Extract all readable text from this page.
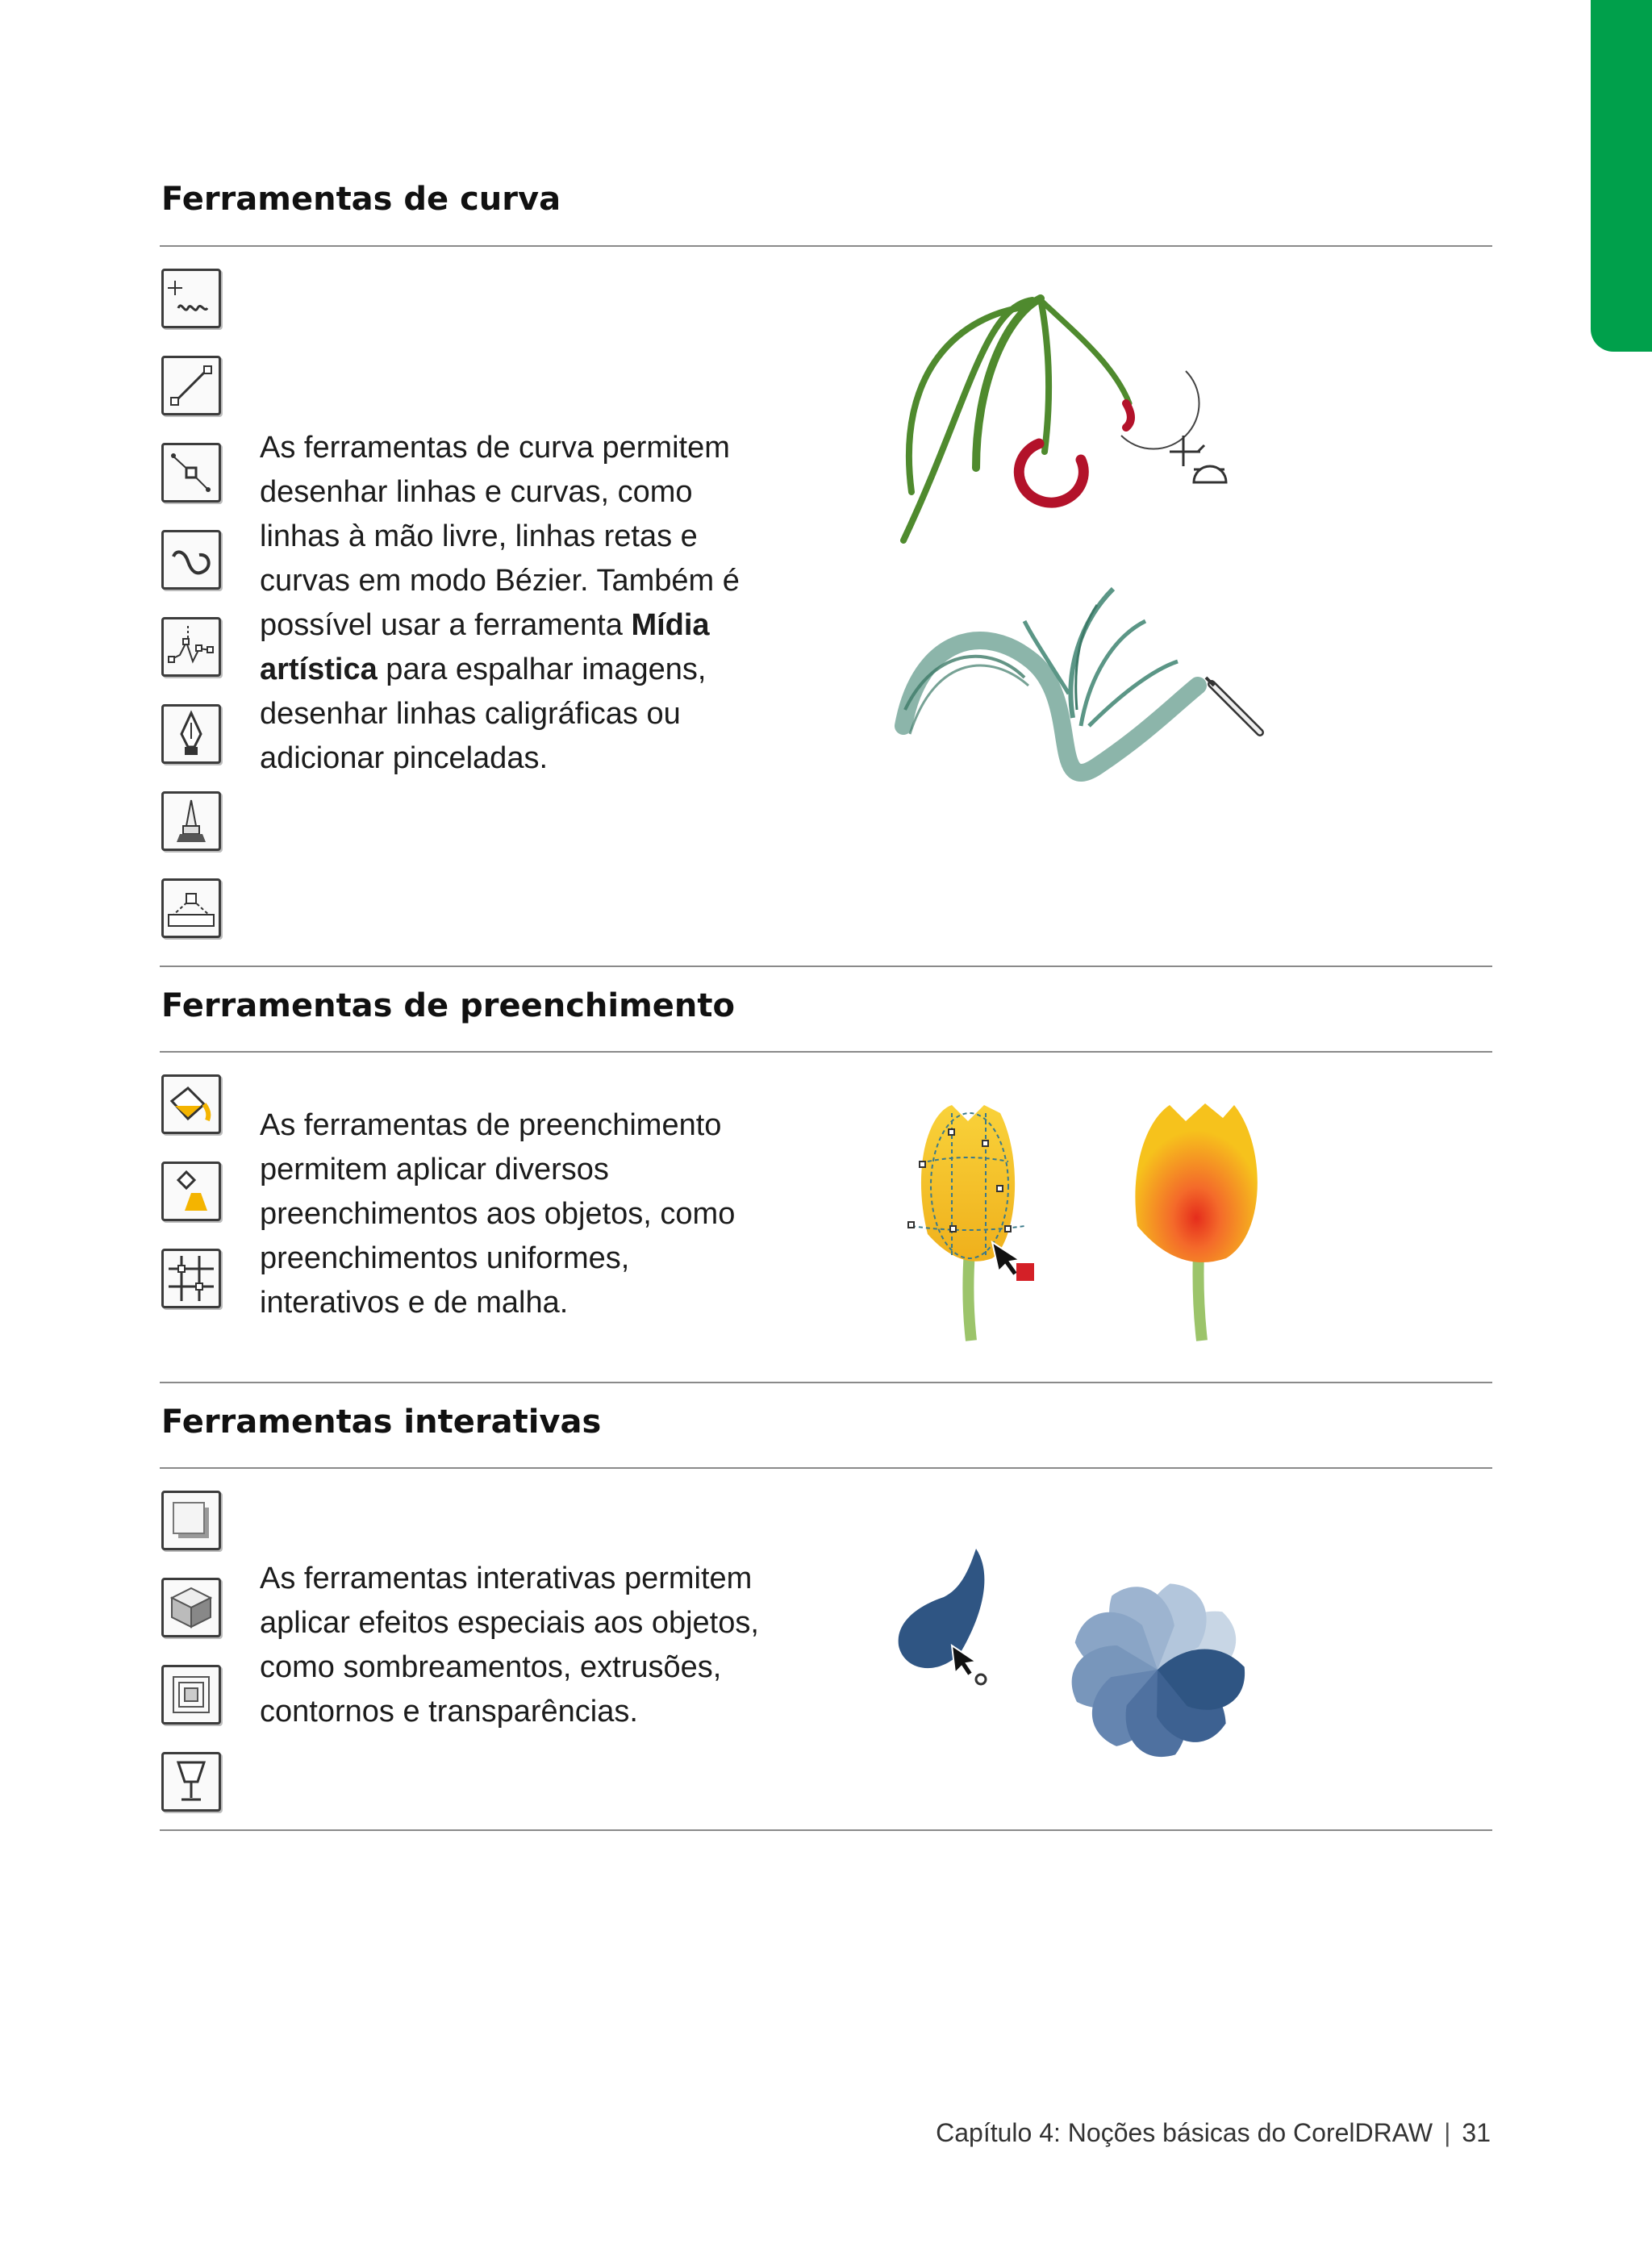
Ferramentas de curva

As ferramentas de curva permitem

desenhar linhas e curvas, como

linhas à mão livre, linhas retas e

curvas em modo Bézier. Também é

possível usar a ferramenta Mídia

artística para espalhar imagens,

desenhar linhas caligráficas ou

adicionar pinceladas.

Ferramentas de preenchimento

As ferramentas de preenchimento

permitem aplicar diversos

preenchimentos aos objetos, como

preenchimentos uniformes,

interativos e de malha.

Ferramentas interativas

As ferramentas interativas permitem

aplicar efeitos especiais aos objetos,

como sombreamentos, extrusões,

contornos e transparências.

Capítulo 4: Noções básicas do CorelDRAW | 31
